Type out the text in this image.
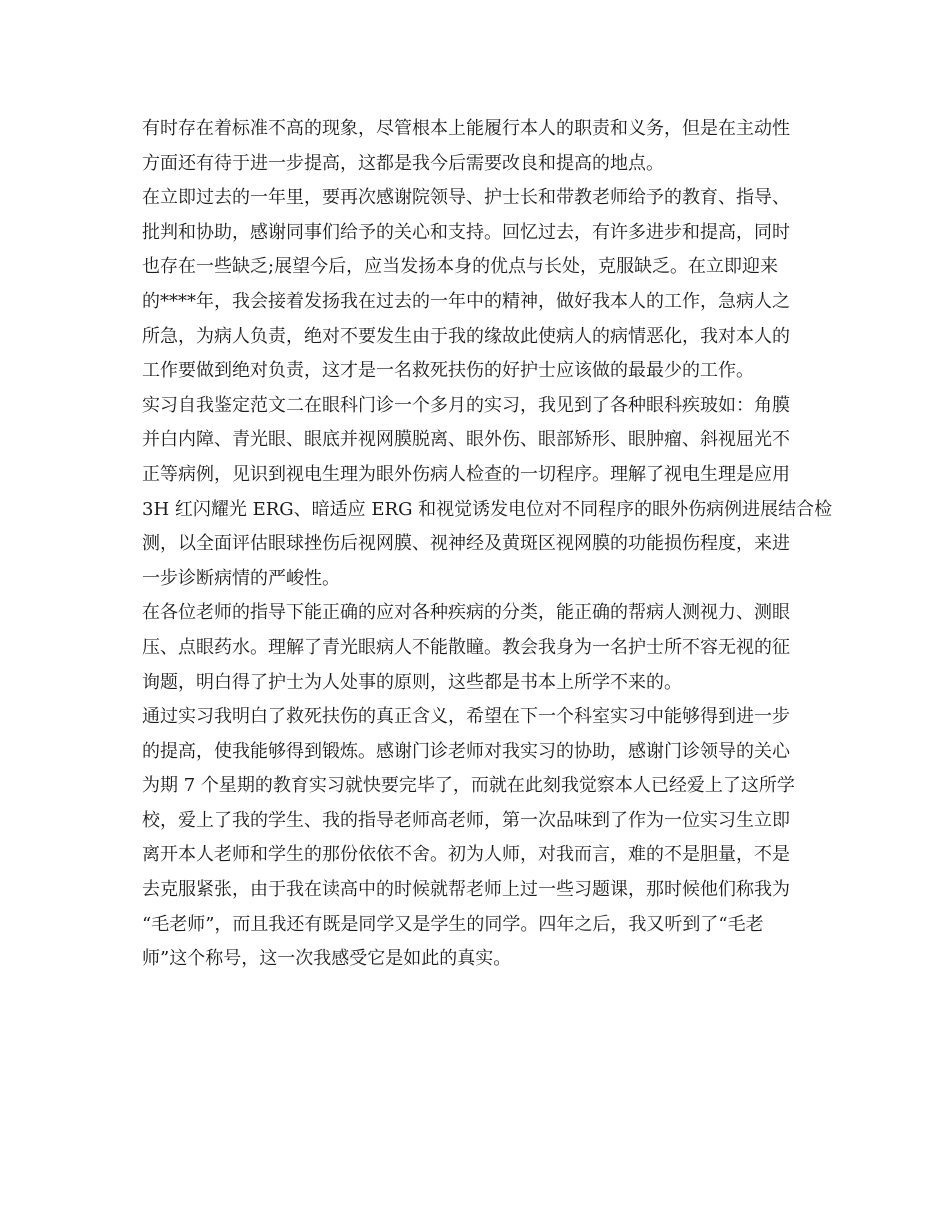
有时存在着标准不高的现象，尽管根本上能履行本人的职责和义务，但是在主动性
方面还有待于进一步提高，这都是我今后需要改良和提高的地点。
在立即过去的一年里，要再次感谢院领导、护士长和带教老师给予的教育、指导、
批判和协助，感谢同事们给予的关心和支持。回忆过去，有许多进步和提高，同时
也存在一些缺乏;展望今后，应当发扬本身的优点与长处，克服缺乏。在立即迎来
的****年，我会接着发扬我在过去的一年中的精神，做好我本人的工作，急病人之
所急，为病人负责，绝对不要发生由于我的缘故此使病人的病情恶化，我对本人的
工作要做到绝对负责，这才是一名救死扶伤的好护士应该做的最最少的工作。
实习自我鉴定范文二在眼科门诊一个多月的实习，我见到了各种眼科疾玻如：角膜
并白内障、青光眼、眼底并视网膜脱离、眼外伤、眼部矫形、眼肿瘤、斜视屈光不
正等病例，见识到视电生理为眼外伤病人检查的一切程序。理解了视电生理是应用
3H 红闪耀光 ERG、暗适应 ERG 和视觉诱发电位对不同程序的眼外伤病例进展结合检
测，以全面评估眼球挫伤后视网膜、视神经及黄斑区视网膜的功能损伤程度，来进
一步诊断病情的严峻性。
在各位老师的指导下能正确的应对各种疾病的分类，能正确的帮病人测视力、测眼
压、点眼药水。理解了青光眼病人不能散瞳。教会我身为一名护士所不容无视的征
询题，明白得了护士为人处事的原则，这些都是书本上所学不来的。
通过实习我明白了救死扶伤的真正含义，希望在下一个科室实习中能够得到进一步
的提高，使我能够得到锻炼。感谢门诊老师对我实习的协助，感谢门诊领导的关心
为期 7 个星期的教育实习就快要完毕了，而就在此刻我觉察本人已经爱上了这所学
校，爱上了我的学生、我的指导老师高老师，第一次品味到了作为一位实习生立即
离开本人老师和学生的那份依依不舍。初为人师，对我而言，难的不是胆量，不是
去克服紧张，由于我在读高中的时候就帮老师上过一些习题课，那时候他们称我为
“毛老师”，而且我还有既是同学又是学生的同学。四年之后，我又听到了“毛老
师”这个称号，这一次我感受它是如此的真实。
